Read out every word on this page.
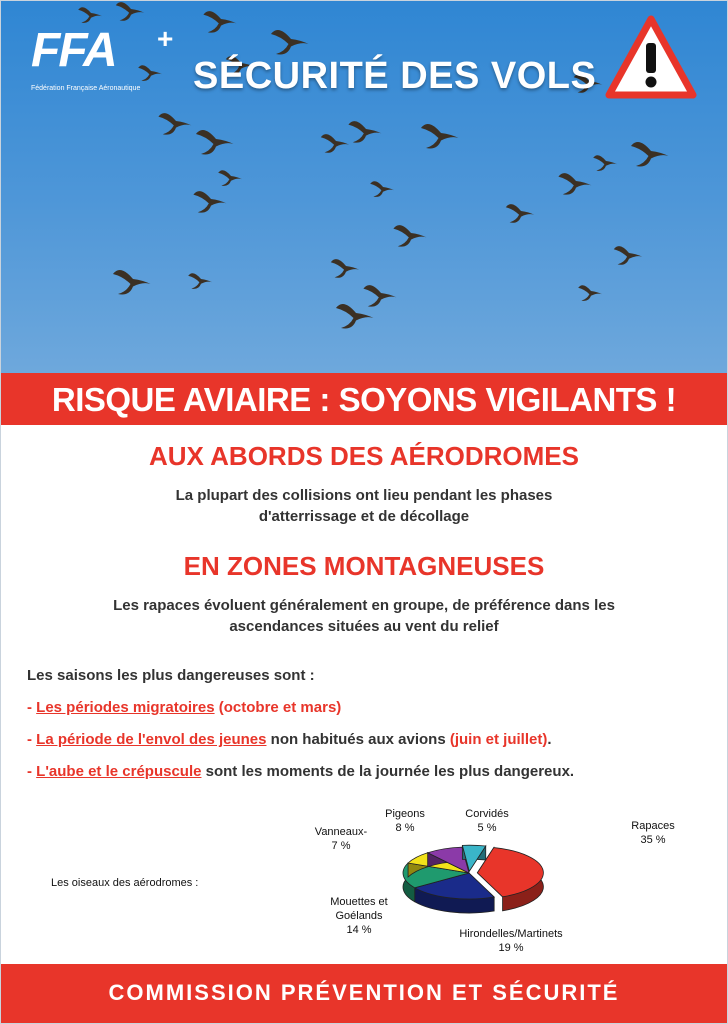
FFA +
Fédération Française Aéronautique SÉCURITÉ DES VOLS
RISQUE AVIAIRE : SOYONS VIGILANTS !
AUX ABORDS DES AÉRODROMES
La plupart des collisions ont lieu pendant les phases
d'atterrissage et de décollage
EN ZONES MONTAGNEUSES
Les rapaces évoluent généralement en groupe, de préférence dans les
ascendances situées au vent du relief
Les saisons les plus dangereuses sont :
- Les périodes migratoires (octobre et mars)
- La période de l'envol des jeunes non habitués aux avions (juin et juillet).
- L'aube et le crépuscule sont les moments de la journée les plus dangereux.
Les oiseaux des aérodromes :
Rapaces
35 %
Hirondelles/Martinets
19 %
Mouettes et
Goélands
14 %
Vanneaux-
7 %
Pigeons
8 %
Corvidés
5 %
COMMISSION PRÉVENTION ET SÉCURITÉ
